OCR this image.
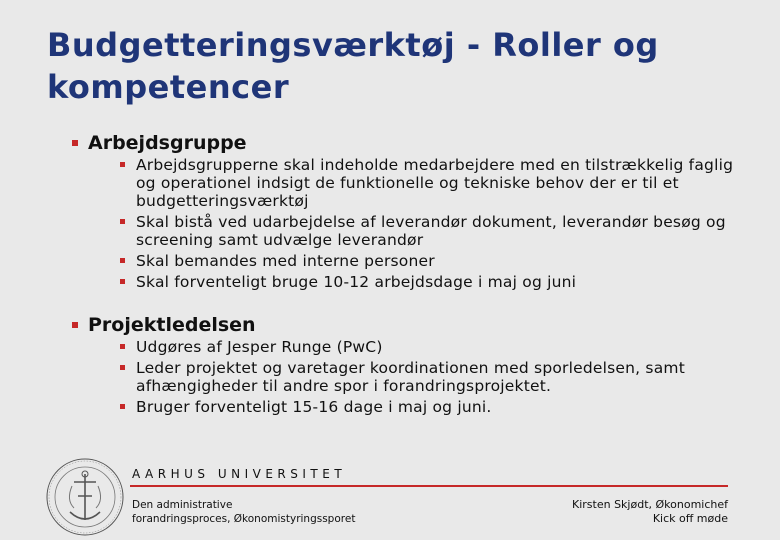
Budgetteringsværktøj - Roller og kompetencer
Arbejdsgruppe
Arbejdsgrupperne skal indeholde medarbejdere med en tilstrækkelig faglig og operationel indsigt de funktionelle og tekniske behov der er til et budgetteringsværktøj
Skal bistå ved udarbejdelse af leverandør dokument, leverandør besøg og screening samt udvælge leverandør
Skal bemandes med interne personer
Skal forventeligt bruge 10-12 arbejdsdage i maj og juni
Projektledelsen
Udgøres af Jesper Runge (PwC)
Leder projektet og varetager koordinationen med sporledelsen, samt afhængigheder til andre spor i forandringsprojektet.
Bruger forventeligt 15-16 dage i maj og juni.
AARHUS UNIVERSITET
Den administrative
forandringsproces, Økonomistyringssporet
Kirsten Skjødt, Økonomichef
Kick off møde
